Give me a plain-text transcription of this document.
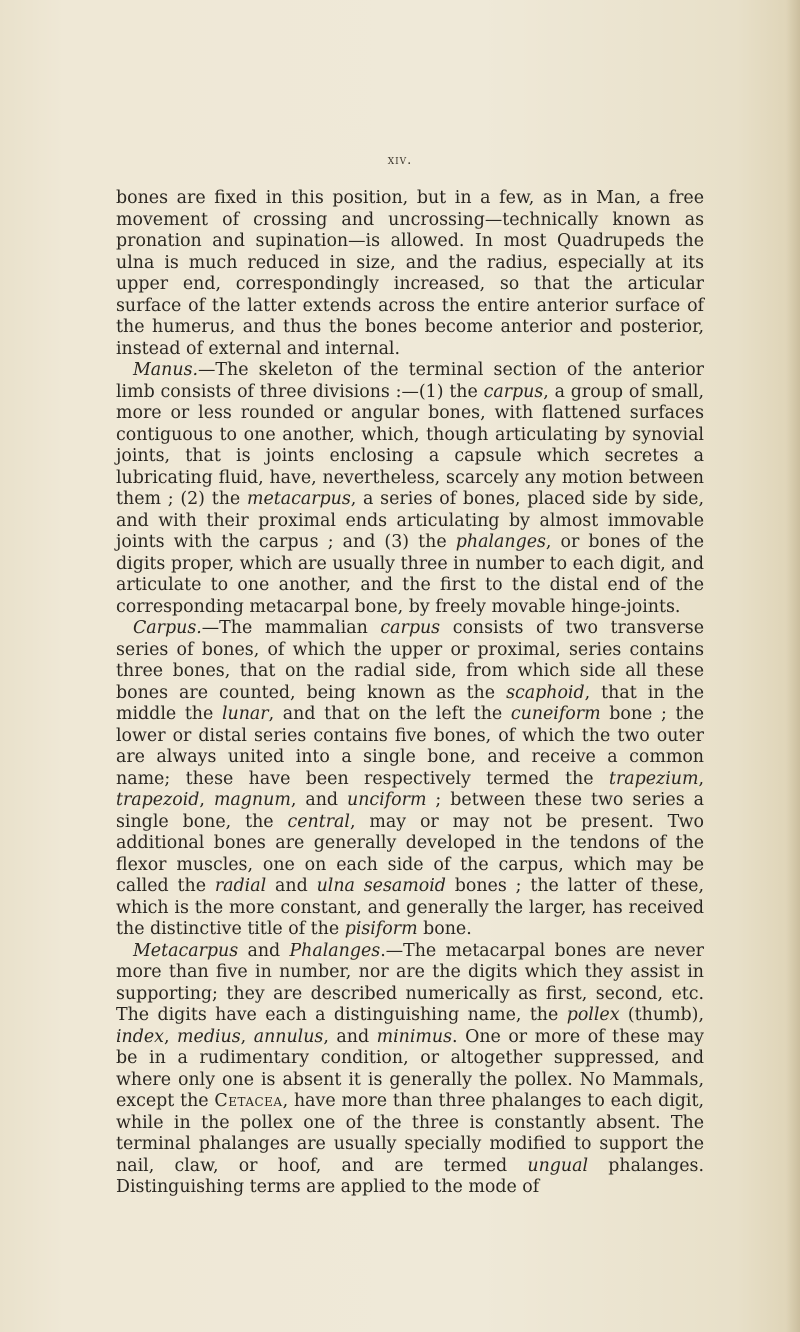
xiv.

bones are fixed in this position, but in a few, as in Man, a free movement of crossing and uncrossing—technically known as pronation and supination—is allowed. In most Quadrupeds the ulna is much reduced in size, and the radius, especially at its upper end, correspondingly increased, so that the articular surface of the latter extends across the entire anterior surface of the humerus, and thus the bones become anterior and posterior, instead of external and internal.

Manus.—The skeleton of the terminal section of the anterior limb consists of three divisions :—(1) the carpus, a group of small, more or less rounded or angular bones, with flattened surfaces contiguous to one another, which, though articulating by synovial joints, that is joints enclosing a capsule which secretes a lubricating fluid, have, nevertheless, scarcely any motion between them ; (2) the metacarpus, a series of bones, placed side by side, and with their proximal ends articulating by almost immovable joints with the carpus ; and (3) the phalanges, or bones of the digits proper, which are usually three in number to each digit, and articulate to one another, and the first to the distal end of the corresponding metacarpal bone, by freely movable hinge-joints.

Carpus.—The mammalian carpus consists of two transverse series of bones, of which the upper or proximal, series contains three bones, that on the radial side, from which side all these bones are counted, being known as the scaphoid, that in the middle the lunar, and that on the left the cuneiform bone ; the lower or distal series contains five bones, of which the two outer are always united into a single bone, and receive a common name; these have been respectively termed the trapezium, trapezoid, magnum, and unciform ; between these two series a single bone, the central, may or may not be present. Two additional bones are generally developed in the tendons of the flexor muscles, one on each side of the carpus, which may be called the radial and ulna sesamoid bones ; the latter of these, which is the more constant, and generally the larger, has received the distinctive title of the pisiform bone.

Metacarpus and Phalanges.—The metacarpal bones are never more than five in number, nor are the digits which they assist in supporting; they are described numerically as first, second, etc. The digits have each a distinguishing name, the pollex (thumb), index, medius, annulus, and minimus. One or more of these may be in a rudimentary condition, or altogether suppressed, and where only one is absent it is generally the pollex. No Mammals, except the Cetacea, have more than three phalanges to each digit, while in the pollex one of the three is constantly absent. The terminal phalanges are usually specially modified to support the nail, claw, or hoof, and are termed ungual phalanges. Distinguishing terms are applied to the mode of
